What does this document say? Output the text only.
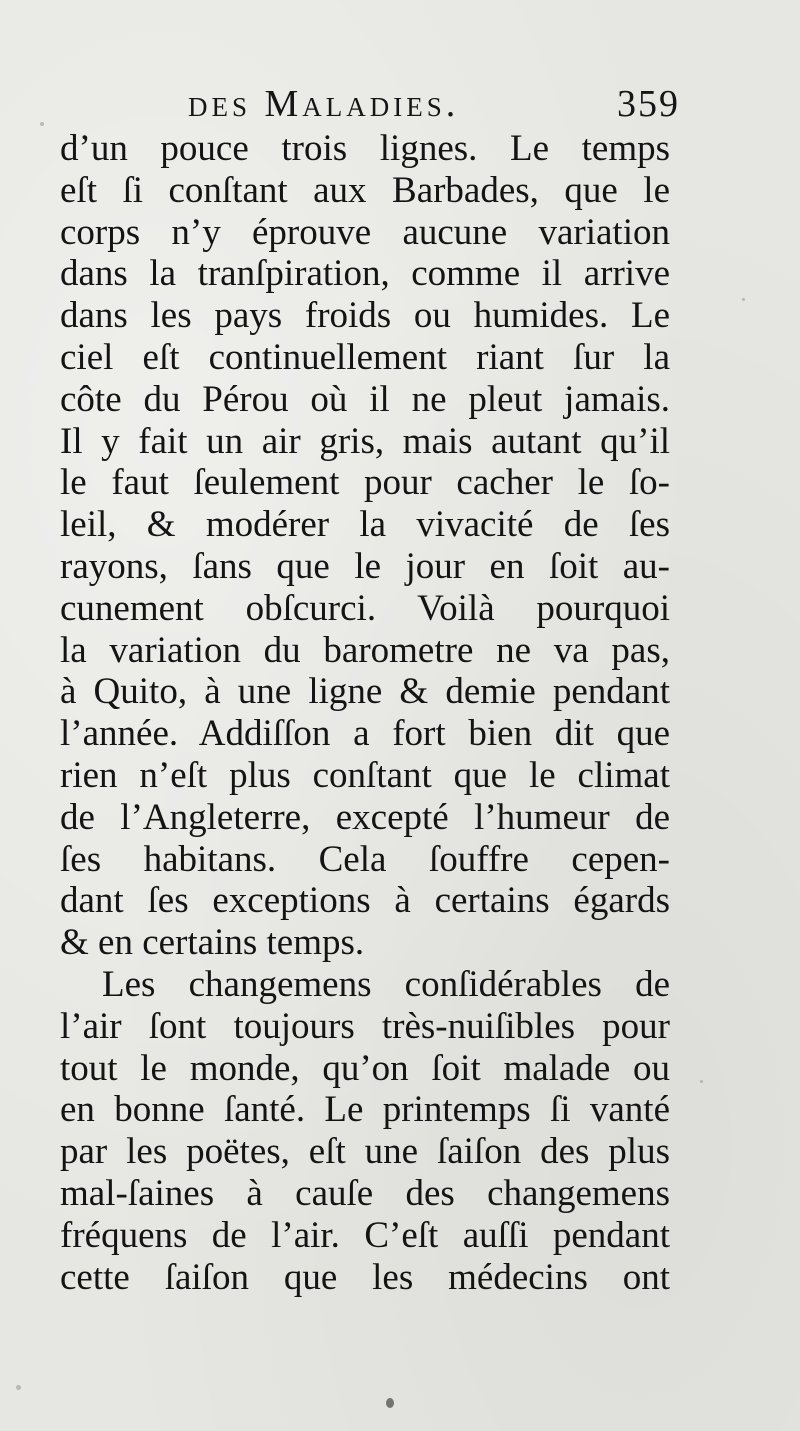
des Maladies.	359
d’un pouce trois lignes. Le temps
eſt ſi conſtant aux Barbades, que le
corps n’y éprouve aucune variation
dans la tranſpiration, comme il arrive
dans les pays froids ou humides. Le
ciel eſt continuellement riant ſur la
côte du Pérou où il ne pleut jamais.
Il y fait un air gris, mais autant qu’il
le faut ſeulement pour cacher le ſo-
leil, & modérer la vivacité de ſes
rayons, ſans que le jour en ſoit au-
cunement obſcurci. Voilà pourquoi
la variation du barometre ne va pas,
à Quito, à une ligne & demie pendant
l’année. Addiſſon a fort bien dit que
rien n’eſt plus conſtant que le climat
de l’Angleterre, excepté l’humeur de
ſes habitans. Cela ſouffre cepen-
dant ſes exceptions à certains égards
& en certains temps.
Les changemens conſidérables de
l’air ſont toujours très-nuiſibles pour
tout le monde, qu’on ſoit malade ou
en bonne ſanté. Le printemps ſi vanté
par les poëtes, eſt une ſaiſon des plus
mal-ſaines à cauſe des changemens
fréquens de l’air. C’eſt auſſi pendant
cette ſaiſon que les médecins ont
